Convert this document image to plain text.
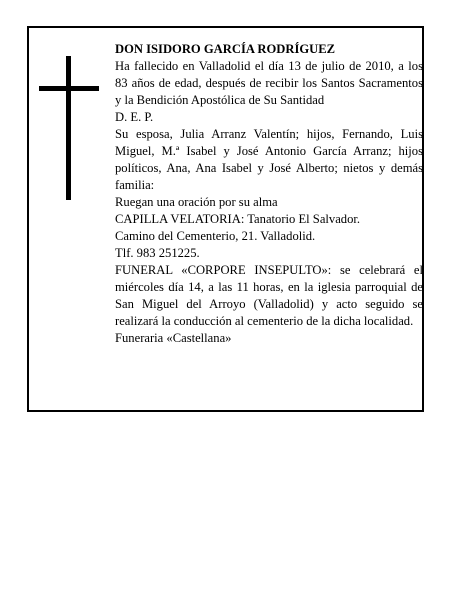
DON ISIDORO GARCÍA RODRÍGUEZ

Ha fallecido en Valladolid el día 13 de julio de 2010, a los 83 años de edad, después de recibir los Santos Sacramentos y la Bendición Apostólica de Su Santidad

D. E. P.

Su esposa, Julia Arranz Valentín; hijos, Fernando, Luis Miguel, M.ª Isabel y José Antonio García Arranz; hijos políticos, Ana, Ana Isabel y José Alberto; nietos y demás familia:

Ruegan una oración por su alma

CAPILLA VELATORIA: Tanatorio El Salvador.

Camino del Cementerio, 21. Valladolid.

Tlf. 983 251225.

FUNERAL «CORPORE INSEPULTO»: se celebrará el miércoles día 14, a las 11 horas, en la iglesia parroquial de San Miguel del Arroyo (Valladolid) y acto seguido se realizará la conducción al cementerio de la dicha localidad.

Funeraria «Castellana»
